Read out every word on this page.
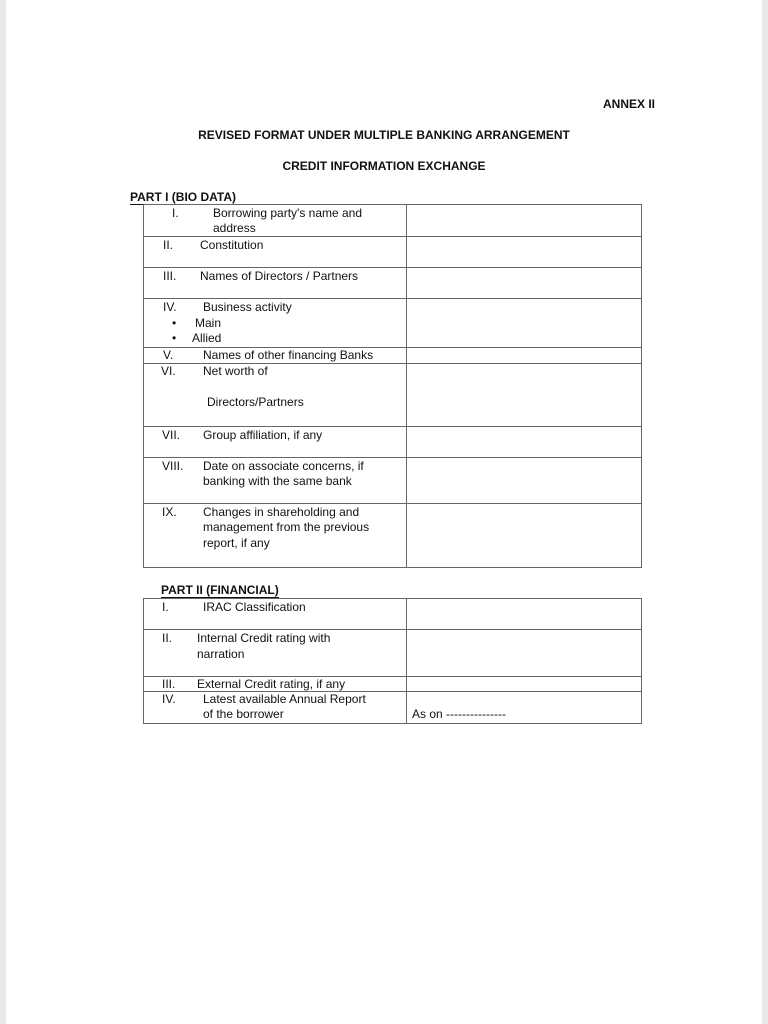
ANNEX II
REVISED FORMAT UNDER MULTIPLE BANKING ARRANGEMENT
CREDIT INFORMATION EXCHANGE
PART I (BIO DATA)
I.	Borrowing party's name and
address
II. Constitution
III. Names of Directors / Partners
IV. Business activity
• Main
• Allied
V. Names of other financing Banks
VI. Net worth of
Directors/Partners
VII. Group affiliation, if any
VIII. Date on associate concerns, if
banking with the same bank
IX. Changes in shareholding and
management from the previous
report, if any
PART II (FINANCIAL)
I.	IRAC Classification
II. Internal Credit rating with
narration
III. External Credit rating, if any
IV. Latest available Annual Report
of the borrower	As on ---------------
